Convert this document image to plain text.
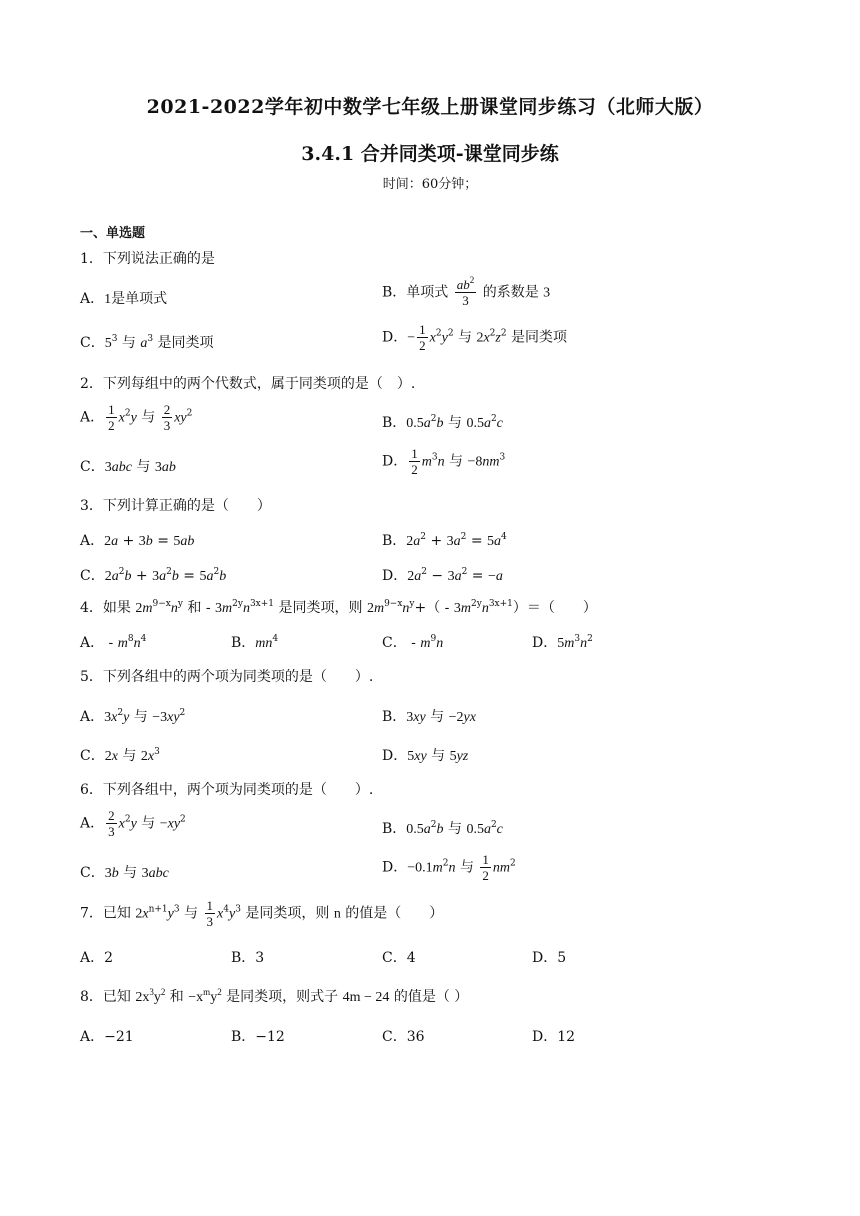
2021-2022学年初中数学七年级上册课堂同步练习（北师大版）
3.4.1 合并同类项-课堂同步练
时间：60分钟；
一、单选题
1．下列说法正确的是
A．1是单项式	B．单项式 $\frac{ab^2}{3}$ 的系数是 3
C．$5^3$ 与 $a^3$ 是同类项	D．− $\frac{1}{2} x^2y^2$ 与 $2x^2z^2$ 是同类项
2．下列每组中的两个代数式，属于同类项的是（　）.
A． $\frac{1}{2} x^2y$ 与 $\frac{2}{3} xy^2$
B．$0.5a^2b$ 与 $0.5a^2c$
C．3abc 与 3ab	D． $\frac{1}{2} m^3n$ 与 $-8nm^3$
3．下列计算正确的是（　　）
A．2a + 3b = 5ab	B．$2a^2 + 3a^2 = 5a^4$
C．$2a^2b + 3a^2b = 5a^2b$	D．$2a^2 - 3a^2 = -a$
4．如果 $2m^{9-x}n^y$ 和 - $3m^{2y}n^{3x+1}$ 是同类项，则 $2m^{9-x}n^y+( - 3m^{2y}n^{3x+1})=$（　　）
A． - $m^8n^4$	B．$mn^4$	C． - $m^9n$	D．$5m^3n^2$
5．下列各组中的两个项为同类项的是（　　）.
A．$3x^2y$ 与 $-3xy^2$	B．3xy 与 −2yx
C．2x 与 $2x^3$	D．5xy 与 5yz
6．下列各组中，两个项为同类项的是（　　）.
A． $\frac{2}{3} x^2y$ 与 $-xy^2$
B．$0.5a^2b$ 与 $0.5a^2c$
C．3b 与 3abc	D．$-0.1m^2n$ 与 $\frac{1}{2} nm^2$
7．已知 $2x^{n+1}y^3$ 与 $\frac{1}{3} x^4y^3$ 是同类项，则 n 的值是（　　）
A．2	B．3	C．4	D．5
8．已知 $2x^3y^2$ 和 $-x^my^2$ 是同类项，则式子 4m − 24 的值是（ ）
A．−21	B．−12	C．36	D．12
